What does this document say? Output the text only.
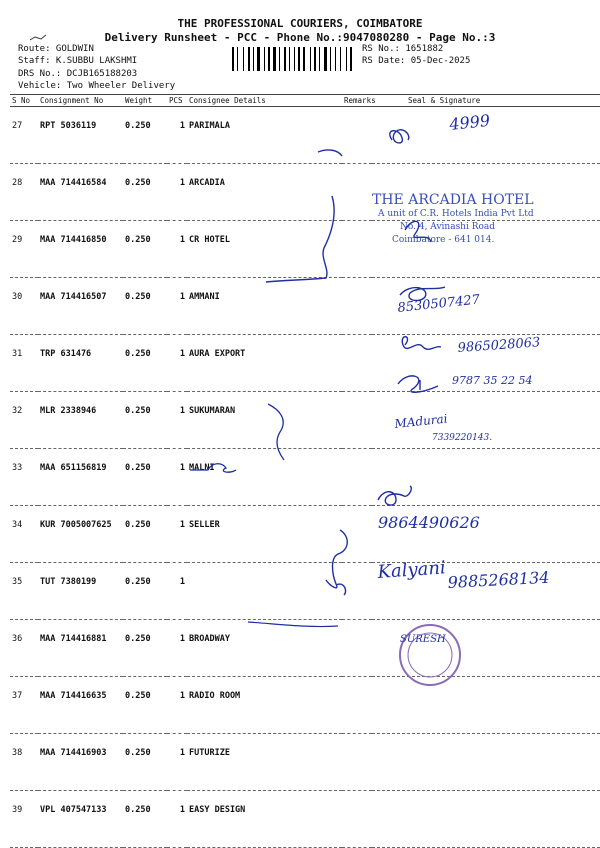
THE PROFESSIONAL COURIERS, COIMBATORE
Delivery Runsheet - PCC - Phone No.:9047080280 - Page No.:3
Route: GOLDWIN
Staff: K.SUBBU LAKSHMI
DRS No.: DCJB165188203
Vehicle: Two Wheeler Delivery
RS No.: 1651882
RS Date: 05-Dec-2025
S No	Consignment No	Weight	PCS	Consignee Details	Remarks	Seal & Signature
27	RPT 5036119	0.250	1	PARIMALA		
28	MAA 714416584	0.250	1	ARCADIA		
29	MAA 714416850	0.250	1	CR HOTEL		
30	MAA 714416507	0.250	1	AMMANI		
31	TRP 631476	0.250	1	AURA EXPORT		
32	MLR 2338946	0.250	1	SUKUMARAN		
33	MAA 651156819	0.250	1	MALNI		
34	KUR 7005007625	0.250	1	SELLER		
35	TUT 7380199	0.250	1			
36	MAA 714416881	0.250	1	BROADWAY		
37	MAA 714416635	0.250	1	RADIO ROOM		
38	MAA 714416903	0.250	1	FUTURIZE		
39	VPL 407547133	0.250	1	EASY DESIGN		
4999
THE ARCADIA HOTEL
A unit of C.R. Hotels India Pvt Ltd
No. 4, Avinashi Road
Coimbatore - 641 014.
8530507427
9865028063
9787 35 22 54
MAdurai
7339220143.
9864490626
Kalyani 9885268134
SURESH
